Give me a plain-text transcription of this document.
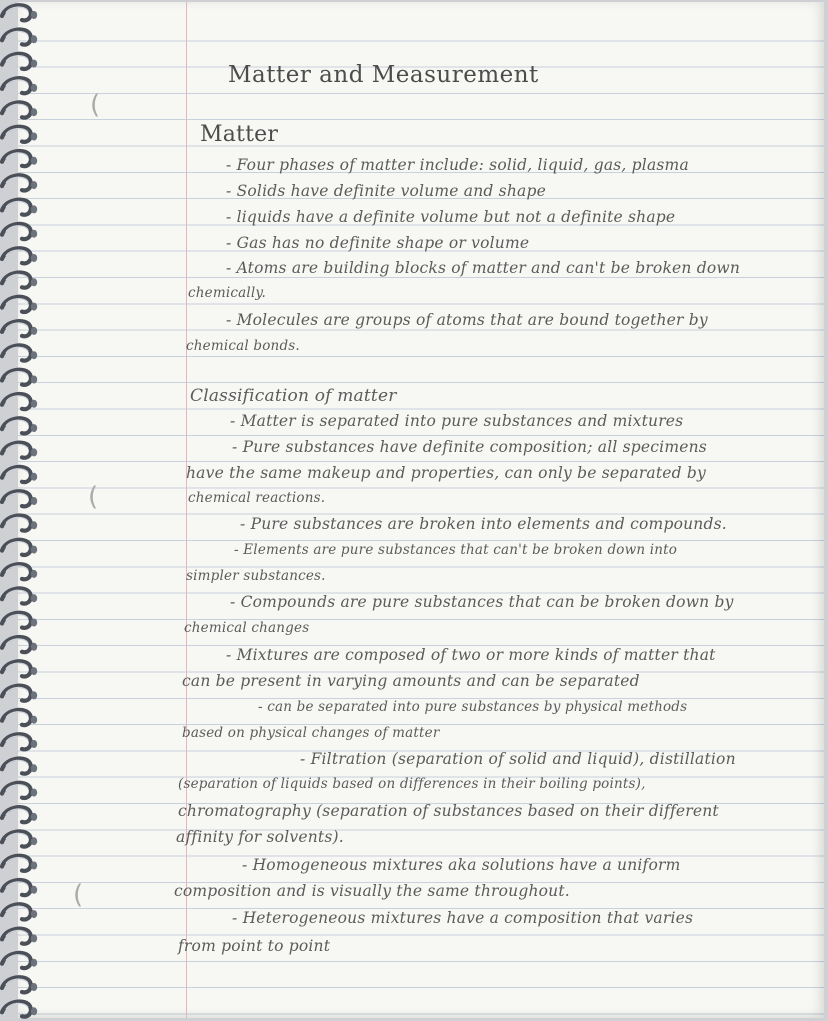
(
(
(
Matter and Measurement
Matter
- Four phases of matter include: solid, liquid, gas, plasma
- Solids have definite volume and shape
- liquids have a definite volume but not a definite shape
- Gas has no definite shape or volume
- Atoms are building blocks of matter and can't be broken down
chemically.
- Molecules are groups of atoms that are bound together by
chemical bonds.
Classification of matter
- Matter is separated into pure substances and mixtures
- Pure substances have definite composition; all specimens
have the same makeup and properties, can only be separated by
chemical reactions.
- Pure substances are broken into elements and compounds.
- Elements are pure substances that can't be broken down into
simpler substances.
- Compounds are pure substances that can be broken down by
chemical changes
- Mixtures are composed of two or more kinds of matter that
can be present in varying amounts and can be separated
- can be separated into pure substances by physical methods
based on physical changes of matter
- Filtration (separation of solid and liquid), distillation
(separation of liquids based on differences in their boiling points),
chromatography (separation of substances based on their different
affinity for solvents).
- Homogeneous mixtures aka solutions have a uniform
composition and is visually the same throughout.
- Heterogeneous mixtures have a composition that varies
from point to point
